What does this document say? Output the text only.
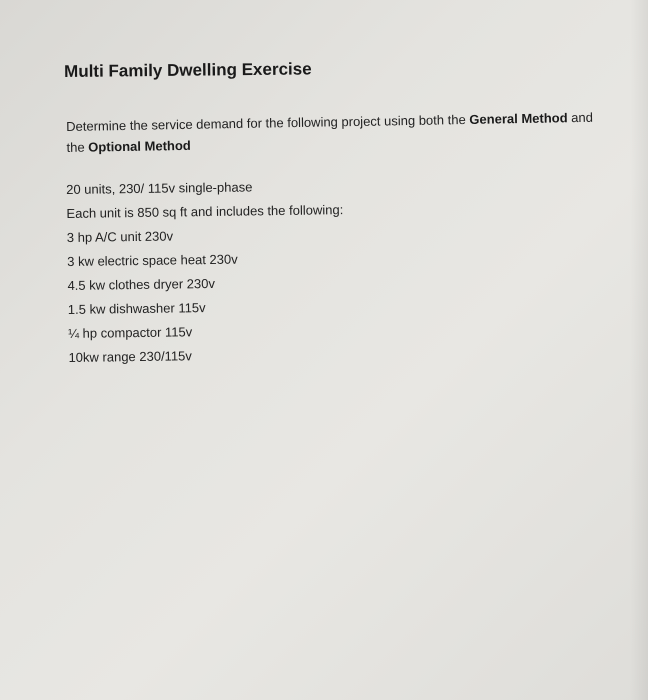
Multi Family Dwelling Exercise

Determine the service demand for the following project using both the General Method and the Optional Method

20 units, 230/ 115v single-phase
Each unit is 850 sq ft and includes the following:
3 hp A/C unit 230v
3 kw electric space heat 230v
4.5 kw clothes dryer 230v
1.5 kw dishwasher 115v
¼ hp compactor 115v
10kw range 230/115v
